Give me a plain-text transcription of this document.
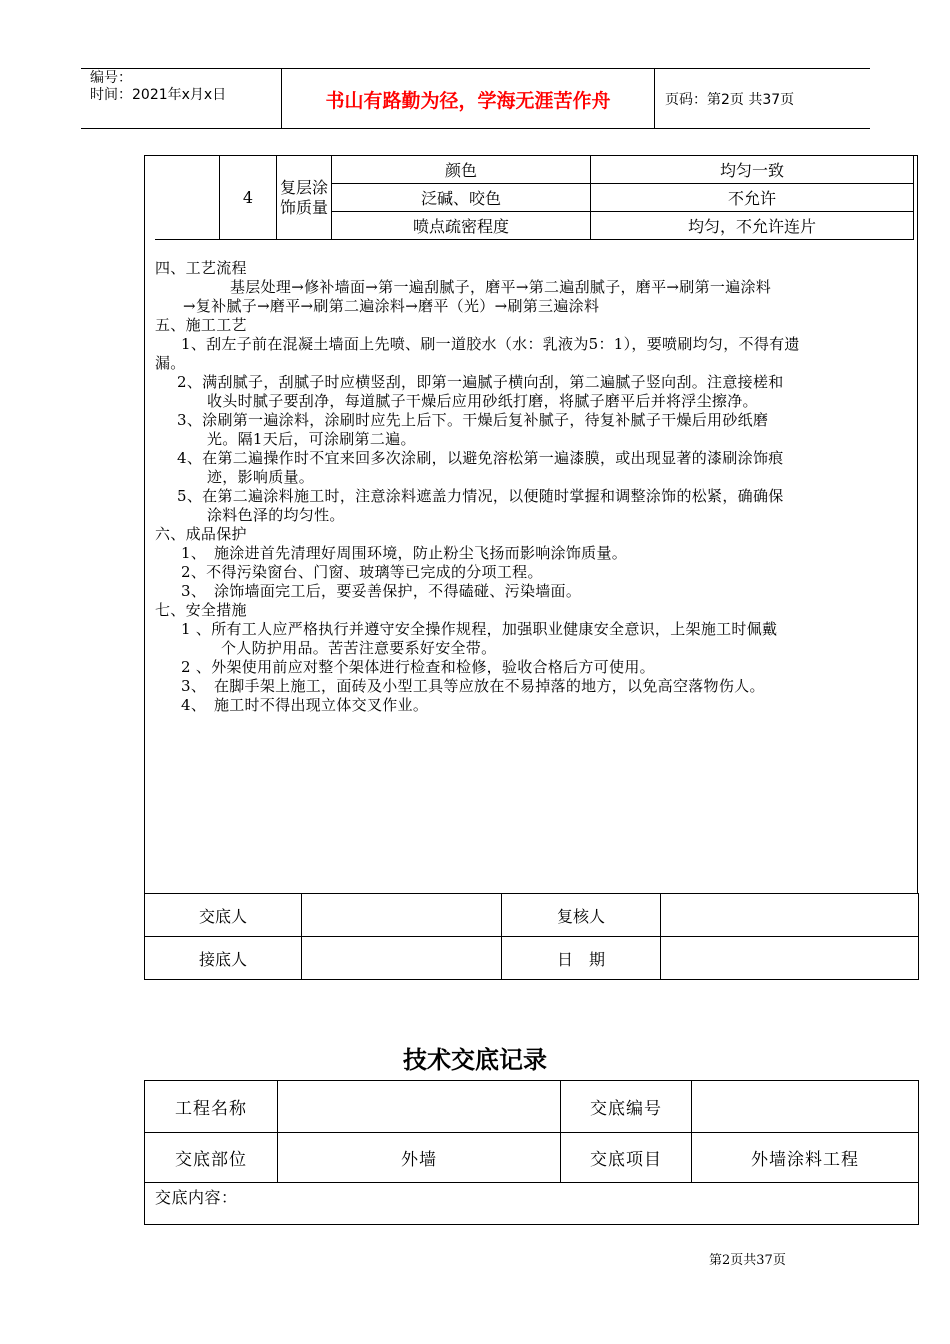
编号：
时间：2021年x月x日	书山有路勤为径，学海无涯苦作舟	页码：第2页 共37页
	4	复层涂饰质量	颜色	均匀一致
			泛碱、咬色	不允许
			喷点疏密程度	均匀，不允许连片

四、工艺流程

基层处理→修补墙面→第一遍刮腻子，磨平→第二遍刮腻子，磨平→刷第一遍涂料

→复补腻子→磨平→刷第二遍涂料→磨平（光）→刷第三遍涂料

五、施工工艺

1、刮左子前在混凝土墙面上先喷、刷一道胶水（水：乳液为5：1），要喷刷均匀，不得有遗

漏。

2、满刮腻子，刮腻子时应横竖刮，即第一遍腻子横向刮，第二遍腻子竖向刮。注意接槎和

收头时腻子要刮净，每道腻子干燥后应用砂纸打磨，将腻子磨平后并将浮尘擦净。

3、涂刷第一遍涂料，涂刷时应先上后下。干燥后复补腻子，待复补腻子干燥后用砂纸磨

光。隔1天后，可涂刷第二遍。

4、在第二遍操作时不宜来回多次涂刷，以避免溶松第一遍漆膜，或出现显著的漆刷涂饰痕

迹，影响质量。

5、在第二遍涂料施工时，注意涂料遮盖力情况，以便随时掌握和调整涂饰的松紧，确确保

涂料色泽的均匀性。

六、成品保护

1、　施涂进首先清理好周围环境，防止粉尘飞扬而影响涂饰质量。

2、不得污染窗台、门窗、玻璃等已完成的分项工程。

3、　涂饰墙面完工后，要妥善保护，不得磕碰、污染墙面。

七、安全措施

1 、所有工人应严格执行并遵守安全操作规程，加强职业健康安全意识，上架施工时佩戴

个人防护用品。苦苦注意要系好安全带。

2 、外架使用前应对整个架体进行检查和检修，验收合格后方可使用。

3、　在脚手架上施工，面砖及小型工具等应放在不易掉落的地方，以免高空落物伤人。

4、　施工时不得出现立体交叉作业。

交底人		复核人	
接底人		日　期	
技术交底记录
工程名称		交底编号	
交底部位	外墙	交底项目	外墙涂料工程
交底内容：			
第2页共37页
